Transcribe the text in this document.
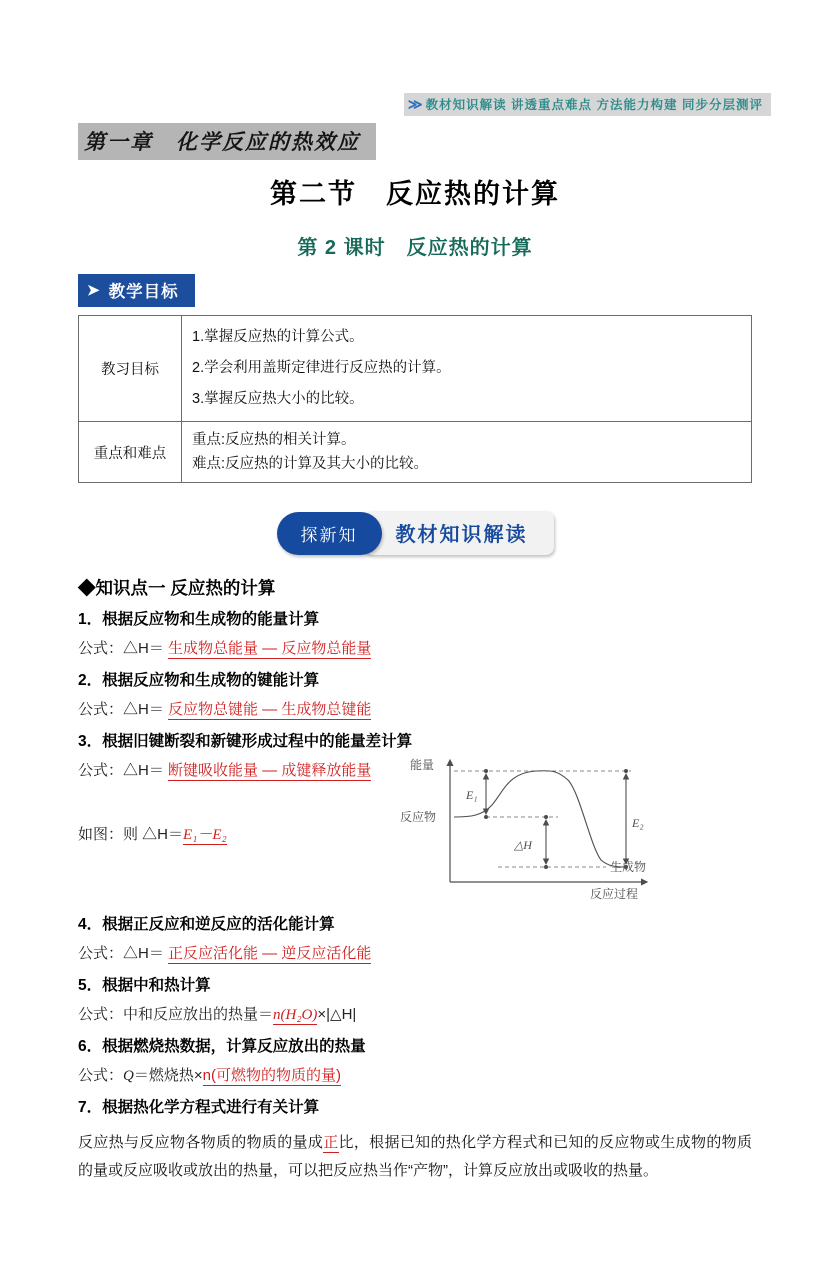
≫ 教材知识解读 讲透重点难点 方法能力构建 同步分层测评
第一章　化学反应的热效应
第二节　反应热的计算
第 2 课时　反应热的计算
➤ 教学目标
教习目标	1.掌握反应热的计算公式。
2.学会利用盖斯定律进行反应热的计算。
3.掌握反应热大小的比较。

重点和难点	重点:反应热的相关计算。
难点:反应热的计算及其大小的比较。
探新知	教材知识解读
◆知识点一 反应热的计算
1．根据反应物和生成物的能量计算
公式：△H＝ 生成物总能量 — 反应物总能量
2．根据反应物和生成物的键能计算
公式：△H＝ 反应物总键能 — 生成物总键能
3．根据旧键断裂和新键形成过程中的能量差计算
公式：△H＝ 断键吸收能量 — 成键释放能量
如图：则 △H＝E₁－E₂
能量
反应物
E₁
E₂
△H
生成物
反应过程
4．根据正反应和逆反应的活化能计算
公式：△H＝ 正反应活化能 — 逆反应活化能
5．根据中和热计算
公式：中和反应放出的热量＝n(H₂O)×|△H|
6．根据燃烧热数据，计算反应放出的热量
公式：Q＝燃烧热×n(可燃物的物质的量)
7．根据热化学方程式进行有关计算
反应热与反应物各物质的物质的量成正比，根据已知的热化学方程式和已知的反应物或生成物的物质的量或反应吸收或放出的热量，可以把反应热当作“产物”，计算反应放出或吸收的热量。
